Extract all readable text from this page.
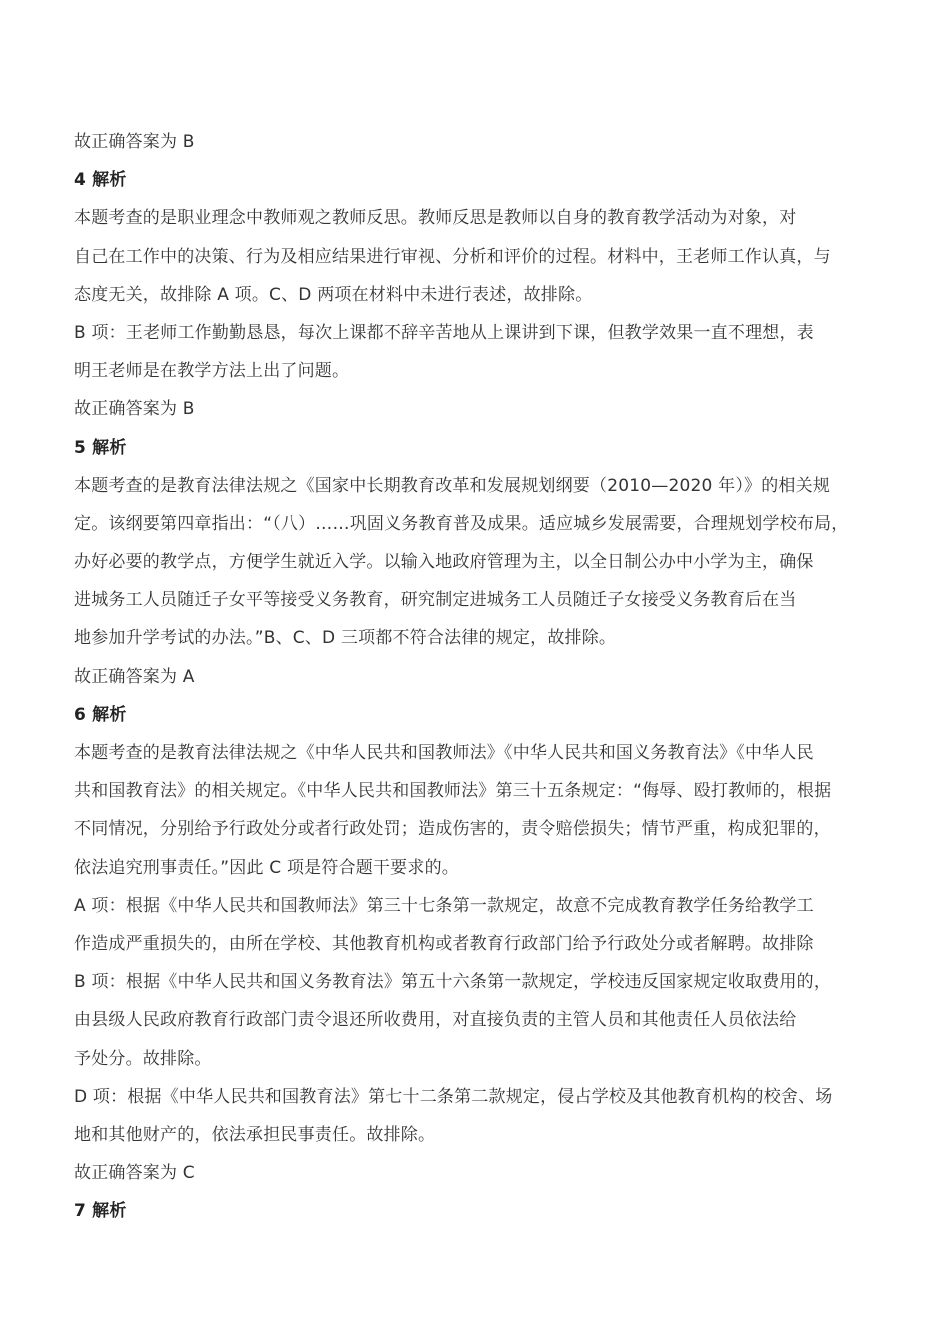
故正确答案为 B
4 解析
本题考查的是职业理念中教师观之教师反思。教师反思是教师以自身的教育教学活动为对象，对
自己在工作中的决策、行为及相应结果进行审视、分析和评价的过程。材料中，王老师工作认真，与
态度无关，故排除 A 项。C、D 两项在材料中未进行表述，故排除。
B 项：王老师工作勤勤恳恳，每次上课都不辞辛苦地从上课讲到下课，但教学效果一直不理想，表
明王老师是在教学方法上出了问题。
故正确答案为 B
5 解析
本题考查的是教育法律法规之《国家中长期教育改革和发展规划纲要（2010—2020 年）》的相关规
定。该纲要第四章指出：“（八）……巩固义务教育普及成果。适应城乡发展需要，合理规划学校布局，
办好必要的教学点，方便学生就近入学。以输入地政府管理为主，以全日制公办中小学为主，确保
进城务工人员随迁子女平等接受义务教育，研究制定进城务工人员随迁子女接受义务教育后在当
地参加升学考试的办法。”B、C、D 三项都不符合法律的规定，故排除。
故正确答案为 A
6 解析
本题考查的是教育法律法规之《中华人民共和国教师法》《中华人民共和国义务教育法》《中华人民
共和国教育法》的相关规定。《中华人民共和国教师法》第三十五条规定：“侮辱、殴打教师的，根据
不同情况，分别给予行政处分或者行政处罚；造成伤害的，责令赔偿损失；情节严重，构成犯罪的，
依法追究刑事责任。”因此 C 项是符合题干要求的。
A 项：根据《中华人民共和国教师法》第三十七条第一款规定，故意不完成教育教学任务给教学工
作造成严重损失的，由所在学校、其他教育机构或者教育行政部门给予行政处分或者解聘。故排除
B 项：根据《中华人民共和国义务教育法》第五十六条第一款规定，学校违反国家规定收取费用的，
由县级人民政府教育行政部门责令退还所收费用，对直接负责的主管人员和其他责任人员依法给
予处分。故排除。
D 项：根据《中华人民共和国教育法》第七十二条第二款规定，侵占学校及其他教育机构的校舍、场
地和其他财产的，依法承担民事责任。故排除。
故正确答案为 C
7 解析
